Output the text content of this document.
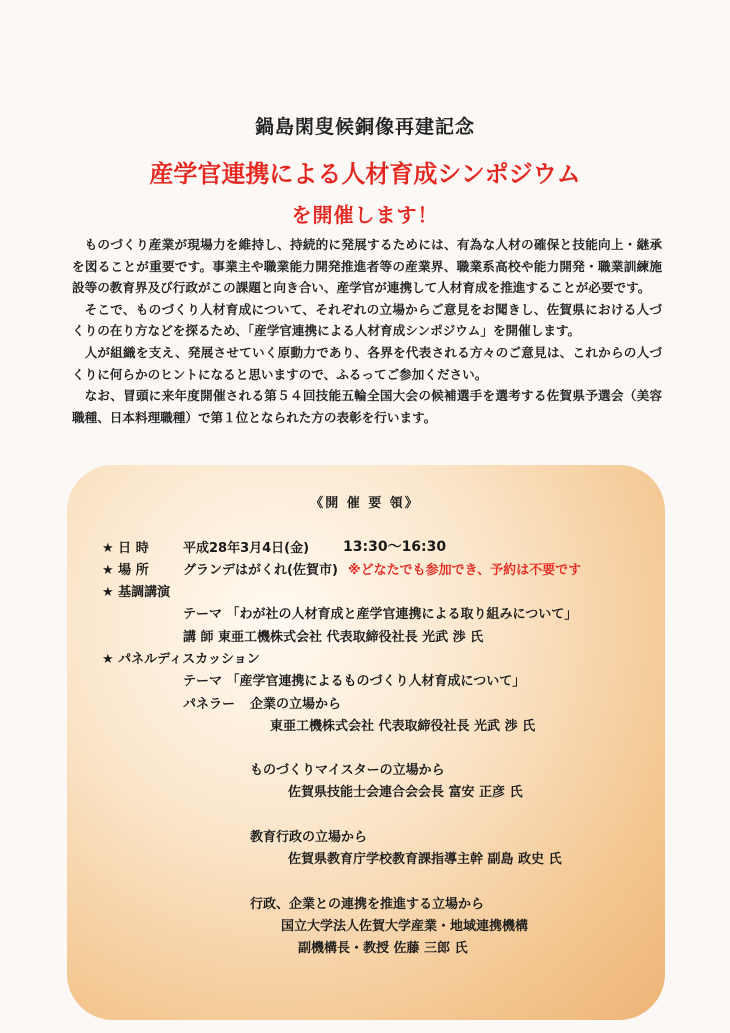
鍋島閑叟候銅像再建記念
産学官連携による人材育成シンポジウム
を開催します！

ものづくり産業が現場力を維持し、持続的に発展するためには、有為な人材の確保と技能向上・継承を図ることが重要です。事業主や職業能力開発推進者等の産業界、職業系高校や能力開発・職業訓練施設等の教育界及び行政がこの課題と向き合い、産学官が連携して人材育成を推進することが必要です。

そこで、ものづくり人材育成について、それぞれの立場からご意見をお聞きし、佐賀県における人づくりの在り方などを探るため、「産学官連携による人材育成シンポジウム」を開催します。

人が組織を支え、発展させていく原動力であり、各界を代表される方々のご意見は、これからの人づくりに何らかのヒントになると思いますので、ふるってご参加ください。

なお、冒頭に来年度開催される第５４回技能五輪全国大会の候補選手を選考する佐賀県予選会（美容職種、日本料理職種）で第１位となられた方の表彰を行います。

《開 催 要 領》
★ 日 時	平成28年3月4日(金) 13:30～16:30
★ 場 所	グランデはがくれ(佐賀市) ※どなたでも参加でき、予約は不要です
★ 基調講演
テーマ 「わが社の人材育成と産学官連携による取り組みについて」
講 師 東亜工機株式会社 代表取締役社長 光武 渉 氏
★ パネルディスカッション
テーマ 「産学官連携によるものづくり人材育成について」
パネラー 企業の立場から
東亜工機株式会社 代表取締役社長 光武 渉 氏
ものづくりマイスターの立場から
佐賀県技能士会連合会会長 富安 正彦 氏
教育行政の立場から
佐賀県教育庁学校教育課指導主幹 副島 政史 氏
行政、企業との連携を推進する立場から
国立大学法人佐賀大学産業・地域連携機構
副機構長・教授 佐藤 三郎 氏
